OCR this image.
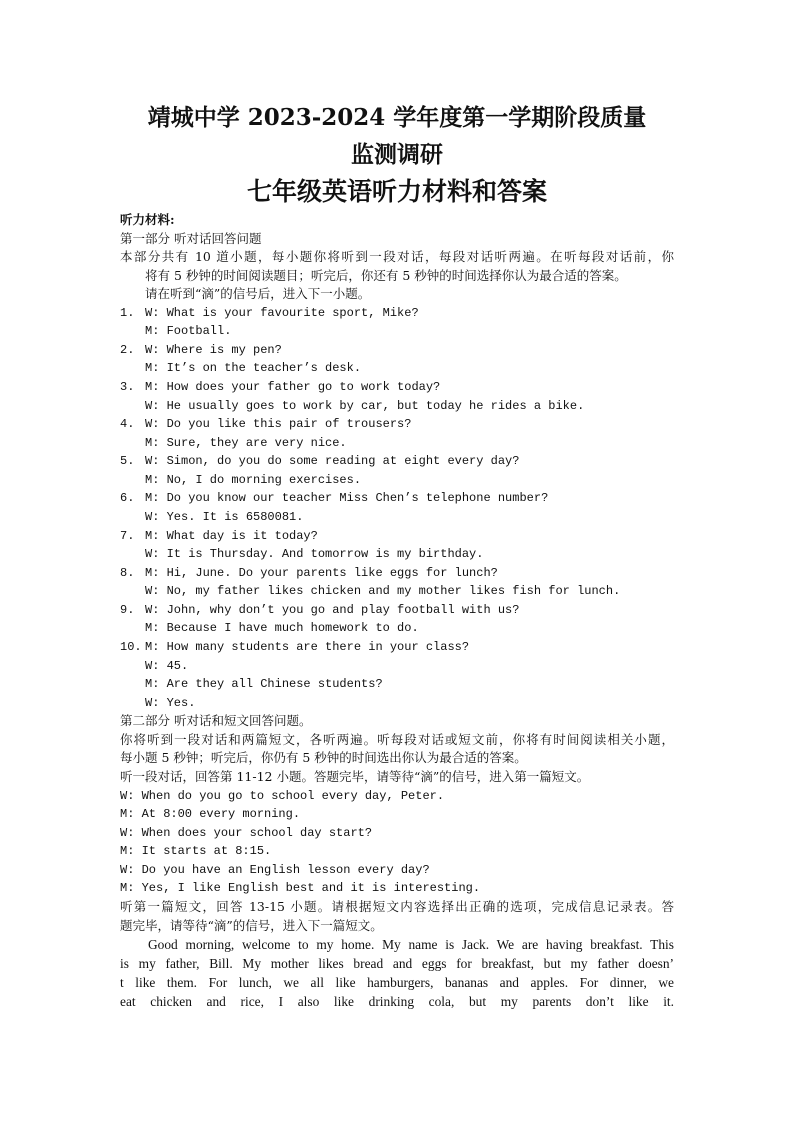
靖城中学 2023-2024 学年度第一学期阶段质量
监测调研
七年级英语听力材料和答案
听力材料:
第一部分 听对话回答问题
本部分共有 10 道小题，每小题你将听到一段对话，每段对话听两遍。在听每段对话前，你
将有 5 秒钟的时间阅读题目；听完后，你还有 5 秒钟的时间选择你认为最合适的答案。
请在听到“滴”的信号后，进入下一小题。
1. W: What is your favourite sport, Mike?
M: Football.
2. W: Where is my pen?
M: It’s on the teacher’s desk.
3. M: How does your father go to work today?
W: He usually goes to work by car, but today he rides a bike.
4. W: Do you like this pair of trousers?
M: Sure, they are very nice.
5. W: Simon, do you do some reading at eight every day?
M: No, I do morning exercises.
6. M: Do you know our teacher Miss Chen’s telephone number?
W: Yes. It is 6580081.
7. M: What day is it today?
W: It is Thursday. And tomorrow is my birthday.
8. M: Hi, June. Do your parents like eggs for lunch?
W: No, my father likes chicken and my mother likes fish for lunch.
9. W: John, why don’t you go and play football with us?
M: Because I have much homework to do.
10. M: How many students are there in your class?
W: 45.
M: Are they all Chinese students?
W: Yes.
第二部分 听对话和短文回答问题。
你将听到一段对话和两篇短文，各听两遍。听每段对话或短文前，你将有时间阅读相关小题，
每小题 5 秒钟；听完后，你仍有 5 秒钟的时间选出你认为最合适的答案。
听一段对话，回答第 11-12 小题。答题完毕，请等待“滴”的信号，进入第一篇短文。
W: When do you go to school every day, Peter.
M: At 8:00 every morning.
W: When does your school day start?
M: It starts at 8:15.
W: Do you have an English lesson every day?
M: Yes, I like English best and it is interesting.
听第一篇短文，回答 13-15 小题。请根据短文内容选择出正确的选项，完成信息记录表。答
题完毕，请等待“滴”的信号，进入下一篇短文。
Good morning, welcome to my home. My name is Jack. We are having breakfast. This
is my father, Bill. My mother likes bread and eggs for breakfast, but my father doesn’
t like them. For lunch, we all like hamburgers, bananas and apples. For dinner, we
eat chicken and rice, I also like drinking cola, but my parents don’t like it.
